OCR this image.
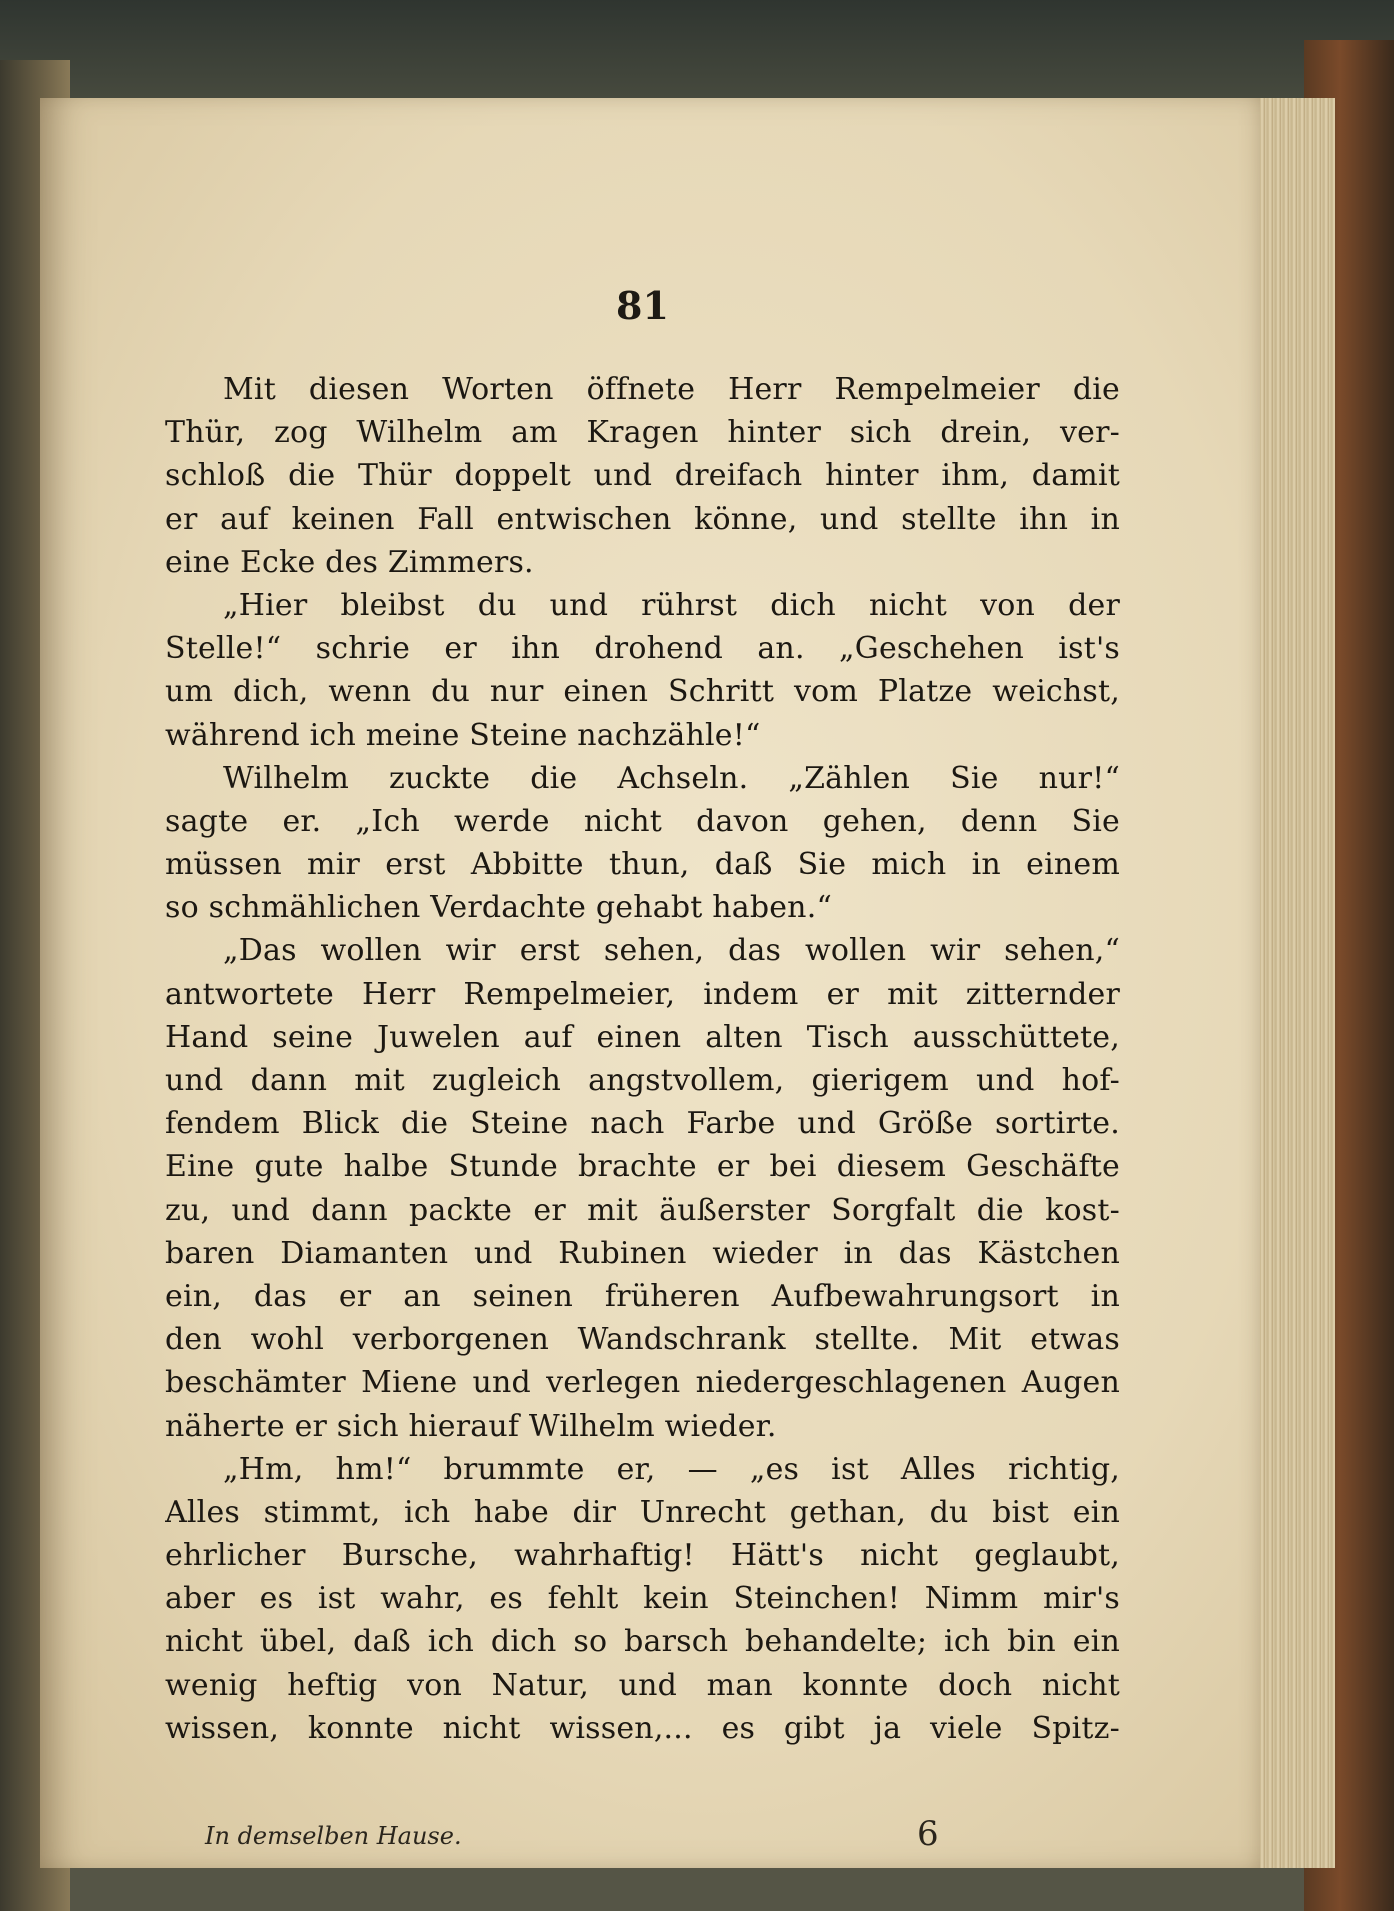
81
Mit diesen Worten öffnete Herr Rempelmeier die
Thür, zog Wilhelm am Kragen hinter sich drein, ver-
schloß die Thür doppelt und dreifach hinter ihm, damit
er auf keinen Fall entwischen könne, und stellte ihn in
eine Ecke des Zimmers.
„Hier bleibst du und rührst dich nicht von der
Stelle!“ schrie er ihn drohend an. „Geschehen ist's
um dich, wenn du nur einen Schritt vom Platze weichst,
während ich meine Steine nachzähle!“
Wilhelm zuckte die Achseln. „Zählen Sie nur!“
sagte er. „Ich werde nicht davon gehen, denn Sie
müssen mir erst Abbitte thun, daß Sie mich in einem
so schmählichen Verdachte gehabt haben.“
„Das wollen wir erst sehen, das wollen wir sehen,“
antwortete Herr Rempelmeier, indem er mit zitternder
Hand seine Juwelen auf einen alten Tisch ausschüttete,
und dann mit zugleich angstvollem, gierigem und hof-
fendem Blick die Steine nach Farbe und Größe sortirte.
Eine gute halbe Stunde brachte er bei diesem Geschäfte
zu, und dann packte er mit äußerster Sorgfalt die kost-
baren Diamanten und Rubinen wieder in das Kästchen
ein, das er an seinen früheren Aufbewahrungsort in
den wohl verborgenen Wandschrank stellte. Mit etwas
beschämter Miene und verlegen niedergeschlagenen Augen
näherte er sich hierauf Wilhelm wieder.
„Hm, hm!“ brummte er, — „es ist Alles richtig,
Alles stimmt, ich habe dir Unrecht gethan, du bist ein
ehrlicher Bursche, wahrhaftig! Hätt's nicht geglaubt,
aber es ist wahr, es fehlt kein Steinchen! Nimm mir's
nicht übel, daß ich dich so barsch behandelte; ich bin ein
wenig heftig von Natur, und man konnte doch nicht
wissen, konnte nicht wissen,... es gibt ja viele Spitz-
In demselben Hause.	6
